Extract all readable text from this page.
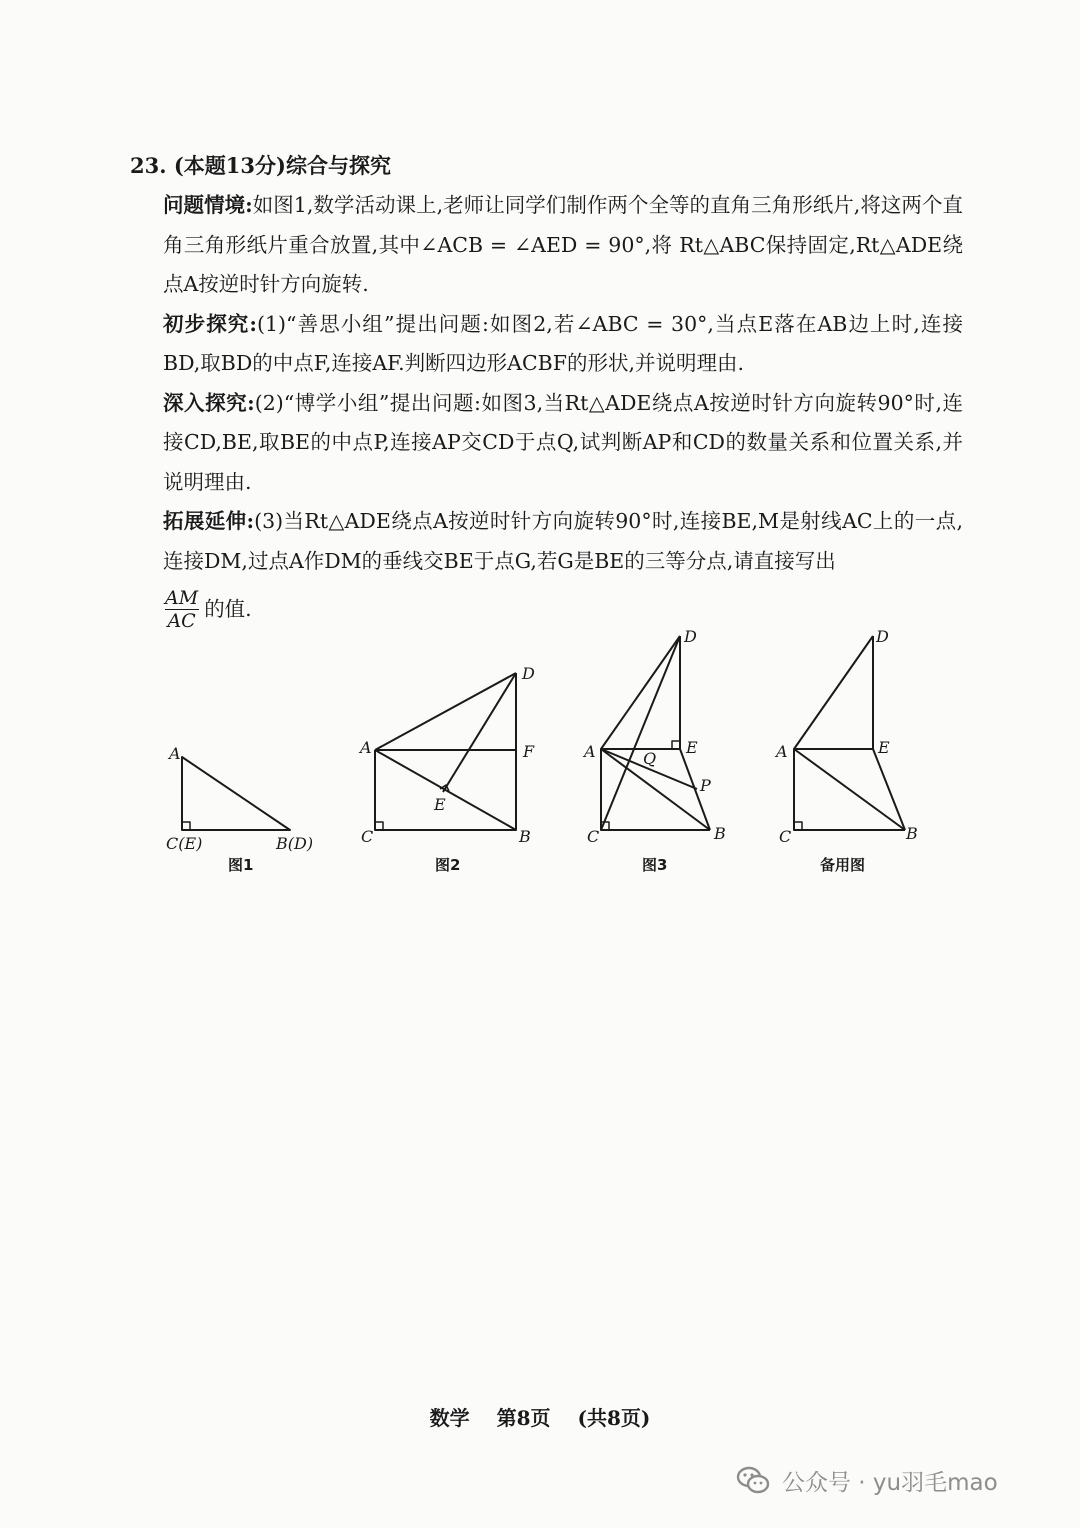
23. (本题13分)综合与探究

问题情境:如图1,数学活动课上,老师让同学们制作两个全等的直角三角形纸片,将这两个直角三角形纸片重合放置,其中∠ACB = ∠AED = 90°,将 Rt△ABC保持固定,Rt△ADE绕点A按逆时针方向旋转.

初步探究:(1)“善思小组”提出问题:如图2,若∠ABC = 30°,当点E落在AB边上时,连接BD,取BD的中点F,连接AF.判断四边形ACBF的形状,并说明理由.

深入探究:(2)“博学小组”提出问题:如图3,当Rt△ADE绕点A按逆时针方向旋转90°时,连接CD,BE,取BE的中点P,连接AP交CD于点Q,试判断AP和CD的数量关系和位置关系,并说明理由.

拓展延伸:(3)当Rt△ADE绕点A按逆时针方向旋转90°时,连接BE,M是射线AC上的一点,连接DM,过点A作DM的垂线交BE于点G,若G是BE的三等分点,请直接写出

$\frac{AM}{AC}$ 的值.
A
C(E)	B(D)
图1
A
D
F
E
C	B
图2
D
A	E
Q
P
C	B
图3
D
A	E
C	B
备用图
数学 第8页 (共8页)
公众号 · yu羽毛mao
